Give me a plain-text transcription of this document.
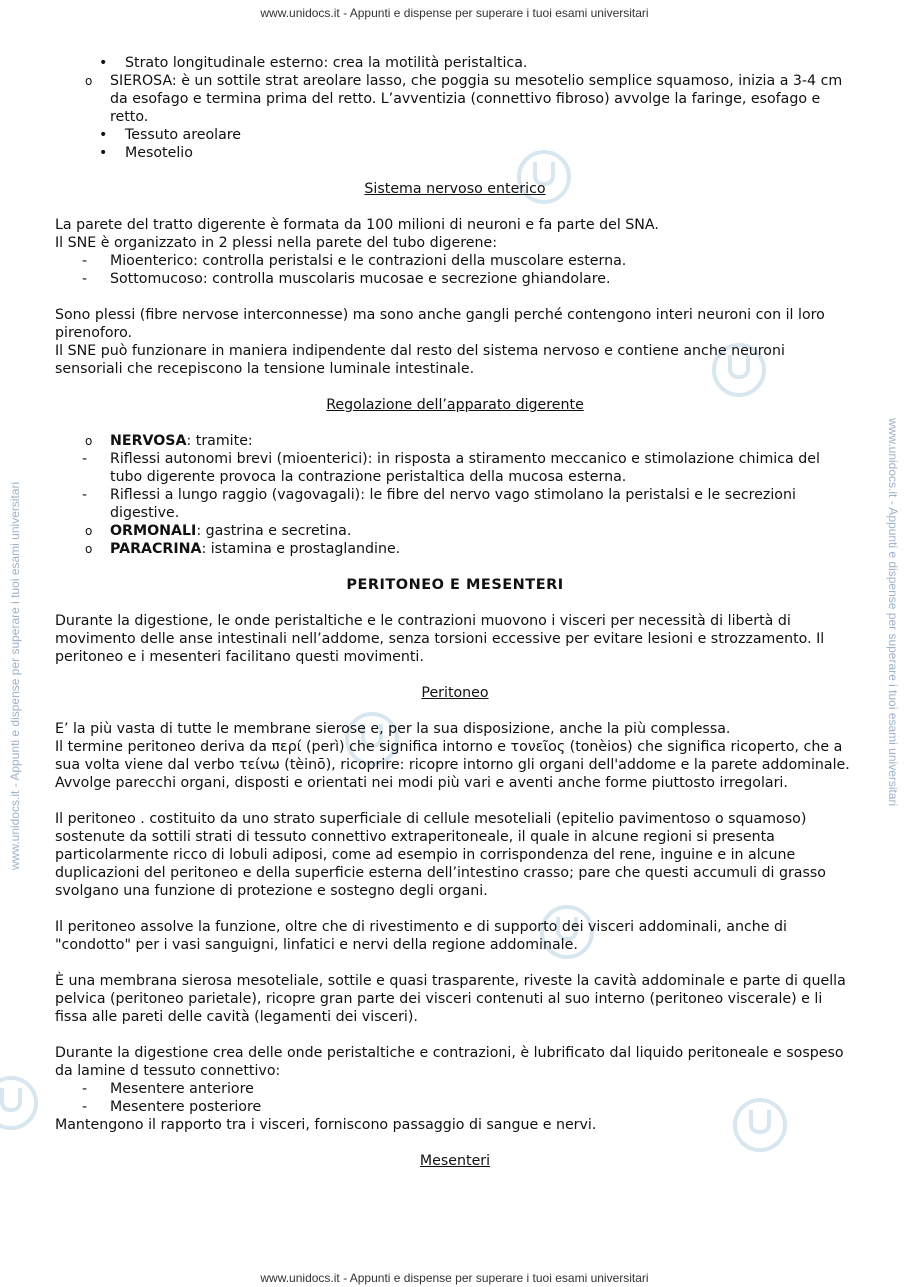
www.unidocs.it - Appunti e dispense per superare i tuoi esami universitari	www.unidocs.it - Appunti e dispense per superare i tuoi esami universitari
www.unidocs.it - Appunti e dispense per superare i tuoi esami universitari
www.unidocs.it - Appunti e dispense per superare i tuoi esami universitari
• Strato longitudinale esterno: crea la motilità peristaltica.
o SIEROSA: è un sottile strat areolare lasso, che poggia su mesotelio semplice squamoso, inizia a 3-4 cm da esofago e termina prima del retto. L’avventizia (connettivo fibroso) avvolge la faringe, esofago e retto.
• Tessuto areolare
• Mesotelio

Sistema nervoso enterico

La parete del tratto digerente è formata da 100 milioni di neuroni e fa parte del SNA.

Il SNE è organizzato in 2 plessi nella parete del tubo digerene:

- Mioenterico: controlla peristalsi e le contrazioni della muscolare esterna.
- Sottomucoso: controlla muscolaris mucosae e secrezione ghiandolare.

Sono plessi (fibre nervose interconnesse) ma sono anche gangli perché contengono interi neuroni con il loro pirenoforo.

Il SNE può funzionare in maniera indipendente dal resto del sistema nervoso e contiene anche neuroni sensoriali che recepiscono la tensione luminale intestinale.

Regolazione dell’apparato digerente

o NERVOSA: tramite:
- Riflessi autonomi brevi (mioenterici): in risposta a stiramento meccanico e stimolazione chimica del tubo digerente provoca la contrazione peristaltica della mucosa esterna.
- Riflessi a lungo raggio (vagovagali): le fibre del nervo vago stimolano la peristalsi e le secrezioni digestive.
o ORMONALI: gastrina e secretina.
o PARACRINA: istamina e prostaglandine.

PERITONEO E MESENTERI

Durante la digestione, le onde peristaltiche e le contrazioni muovono i visceri per necessità di libertà di movimento delle anse intestinali nell’addome, senza torsioni eccessive per evitare lesioni e strozzamento. Il peritoneo e i mesenteri facilitano questi movimenti.

Peritoneo

E’ la più vasta di tutte le membrane sierose e, per la sua disposizione, anche la più complessa.

Il termine peritoneo deriva da περί (perì) che significa intorno e τονεῖος (tonèios) che significa ricoperto, che a sua volta viene dal verbo τείνω (tèinō), ricoprire: ricopre intorno gli organi dell'addome e la parete addominale.

Avvolge parecchi organi, disposti e orientati nei modi più vari e aventi anche forme piuttosto irregolari.

Il peritoneo . costituito da uno strato superficiale di cellule mesoteliali (epitelio pavimentoso o squamoso) sostenute da sottili strati di tessuto connettivo extraperitoneale, il quale in alcune regioni si presenta particolarmente ricco di lobuli adiposi, come ad esempio in corrispondenza del rene, inguine e in alcune duplicazioni del peritoneo e della superficie esterna dell’intestino crasso; pare che questi accumuli di grasso svolgano una funzione di protezione e sostegno degli organi.

Il peritoneo assolve la funzione, oltre che di rivestimento e di supporto dei visceri addominali, anche di "condotto" per i vasi sanguigni, linfatici e nervi della regione addominale.

È una membrana sierosa mesoteliale, sottile e quasi trasparente, riveste la cavità addominale e parte di quella pelvica (peritoneo parietale), ricopre gran parte dei visceri contenuti al suo interno (peritoneo viscerale) e li fissa alle pareti delle cavità (legamenti dei visceri).

Durante la digestione crea delle onde peristaltiche e contrazioni, è lubrificato dal liquido peritoneale e sospeso da lamine d tessuto connettivo:

- Mesentere anteriore
- Mesentere posteriore

Mantengono il rapporto tra i visceri, forniscono passaggio di sangue e nervi.

Mesenteri
